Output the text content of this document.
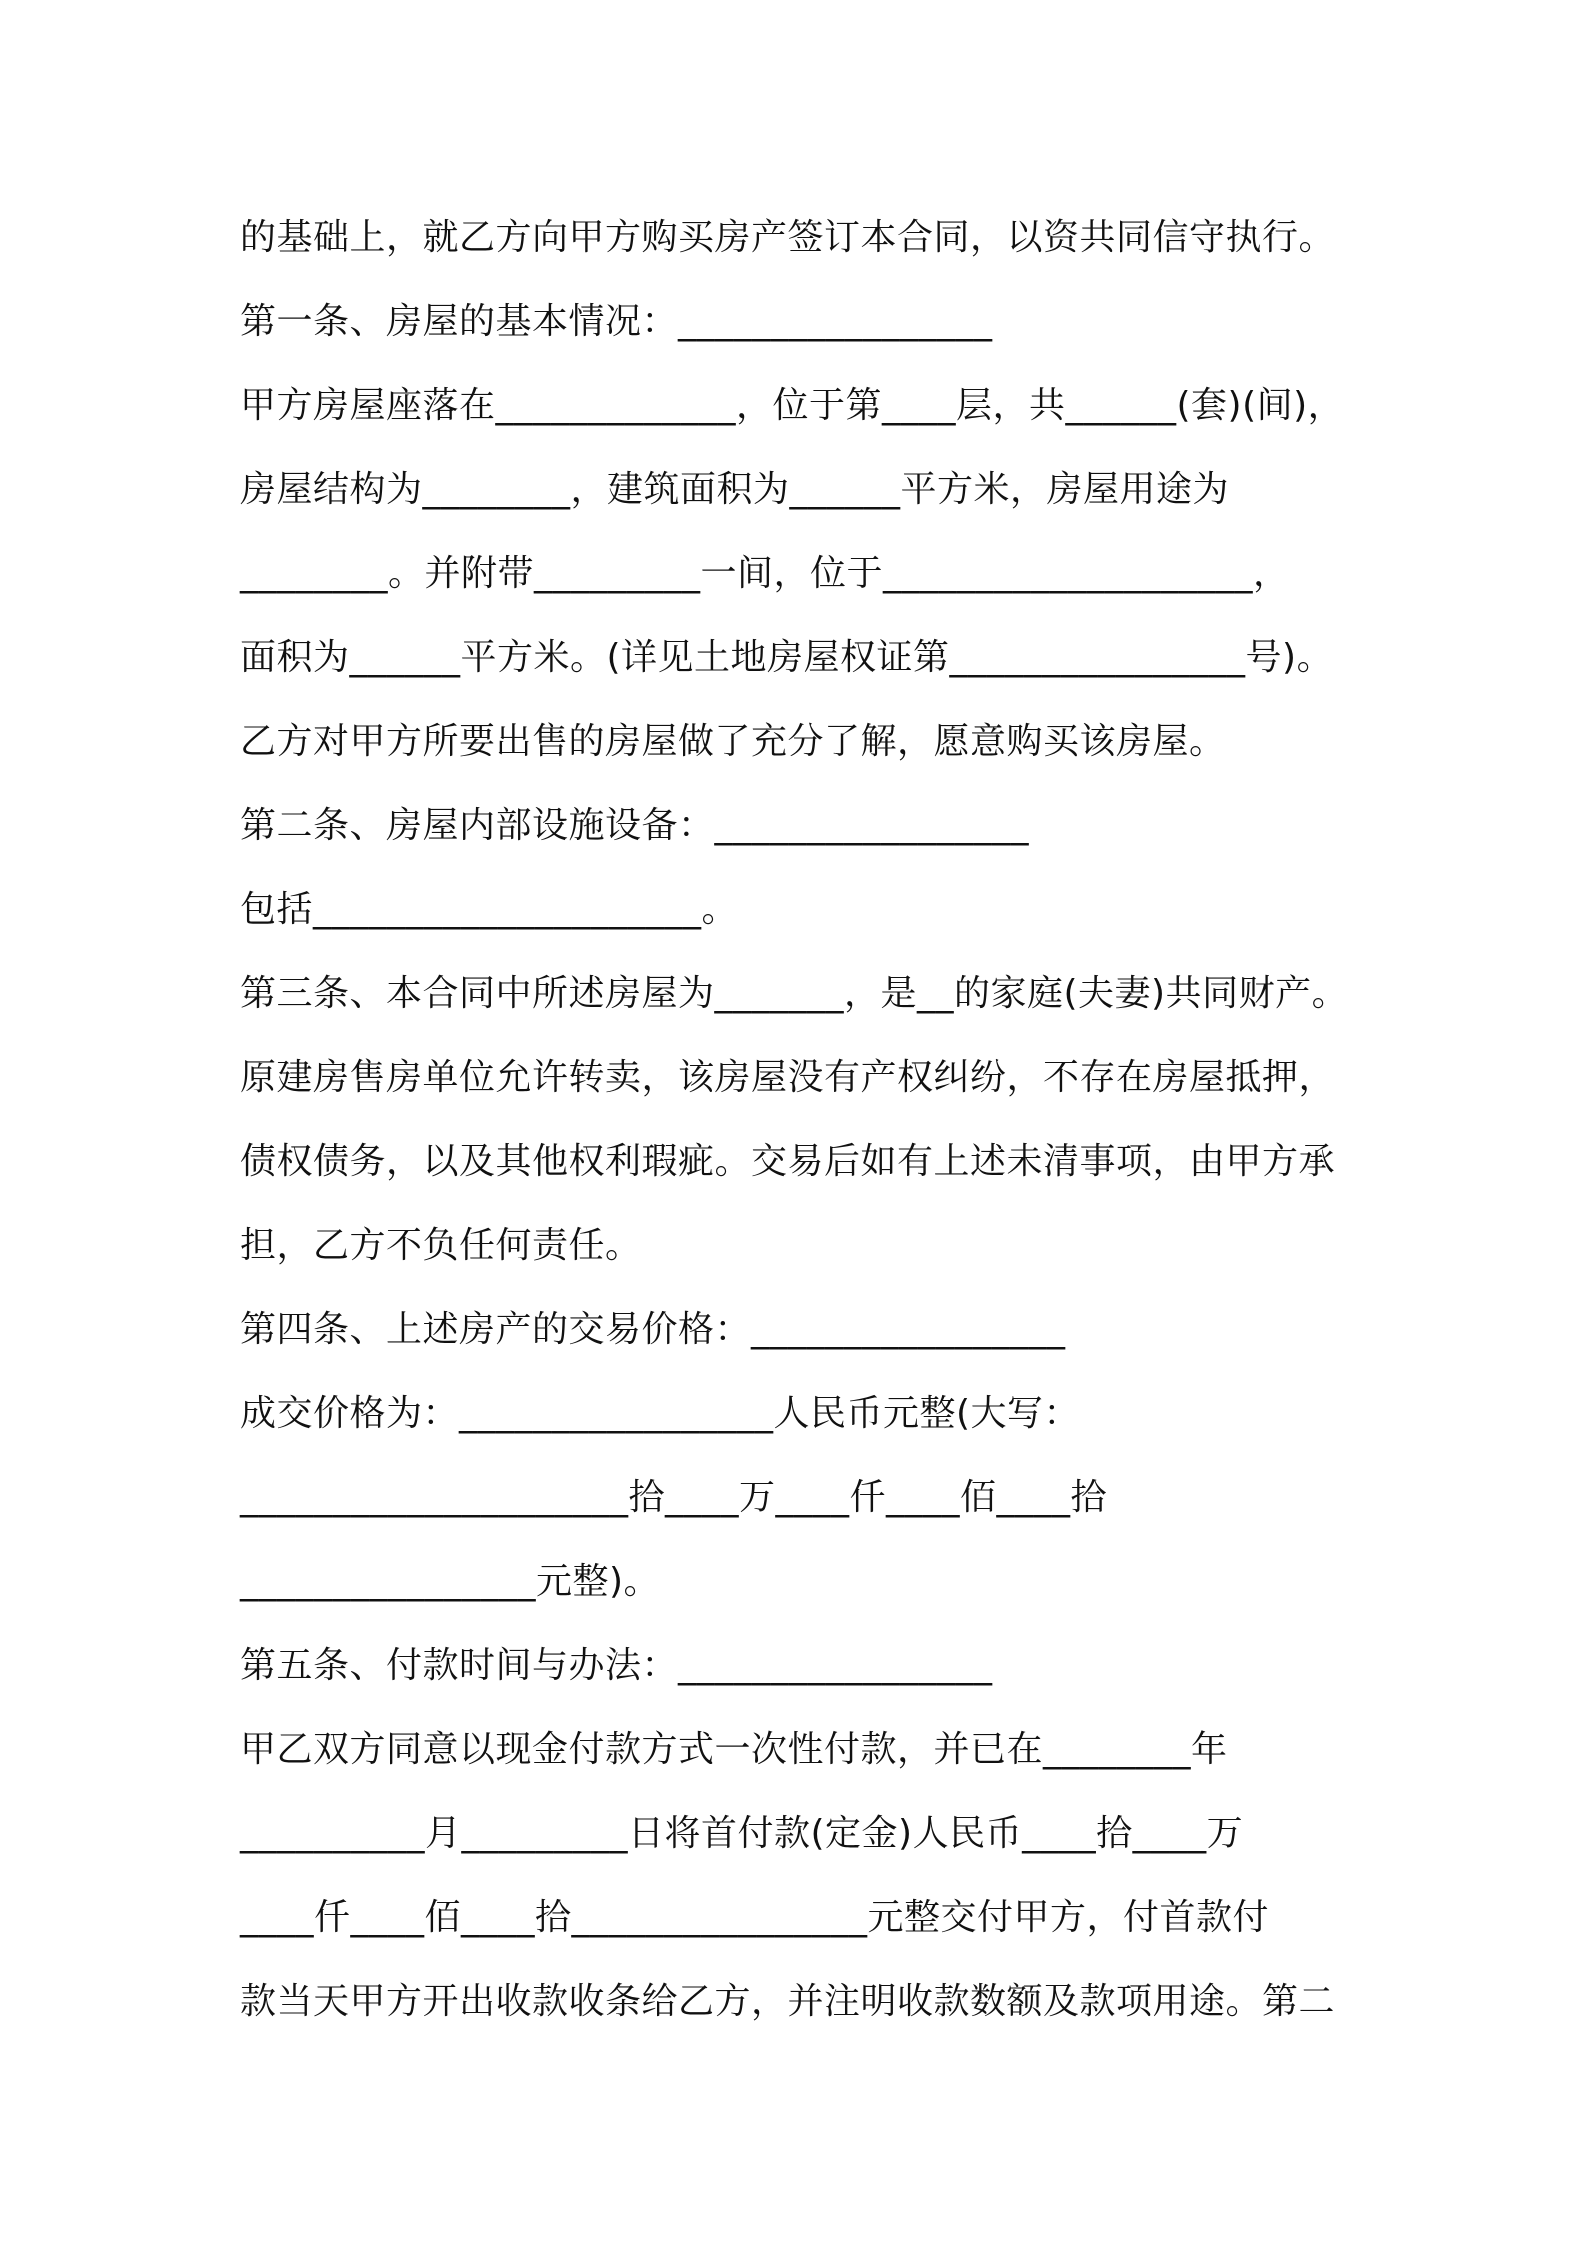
的基础上，就乙方向甲方购买房产签订本合同，以资共同信守执行。
第一条、房屋的基本情况：_________________
甲方房屋座落在_____________，位于第____层，共______(套)(间)，
房屋结构为________，建筑面积为______平方米，房屋用途为
________。并附带_________一间，位于____________________，
面积为______平方米。(详见土地房屋权证第________________号)。
乙方对甲方所要出售的房屋做了充分了解，愿意购买该房屋。
第二条、房屋内部设施设备：_________________
包括_____________________。
第三条、本合同中所述房屋为_______，是__的家庭(夫妻)共同财产。
原建房售房单位允许转卖，该房屋没有产权纠纷，不存在房屋抵押，
债权债务，以及其他权利瑕疵。交易后如有上述未清事项，由甲方承
担，乙方不负任何责任。
第四条、上述房产的交易价格：_________________
成交价格为：_________________人民币元整(大写：
_____________________拾____万____仟____佰____拾
________________元整)。
第五条、付款时间与办法：_________________
甲乙双方同意以现金付款方式一次性付款，并已在________年
__________月_________日将首付款(定金)人民币____拾____万
____仟____佰____拾________________元整交付甲方，付首款付
款当天甲方开出收款收条给乙方，并注明收款数额及款项用途。第二
